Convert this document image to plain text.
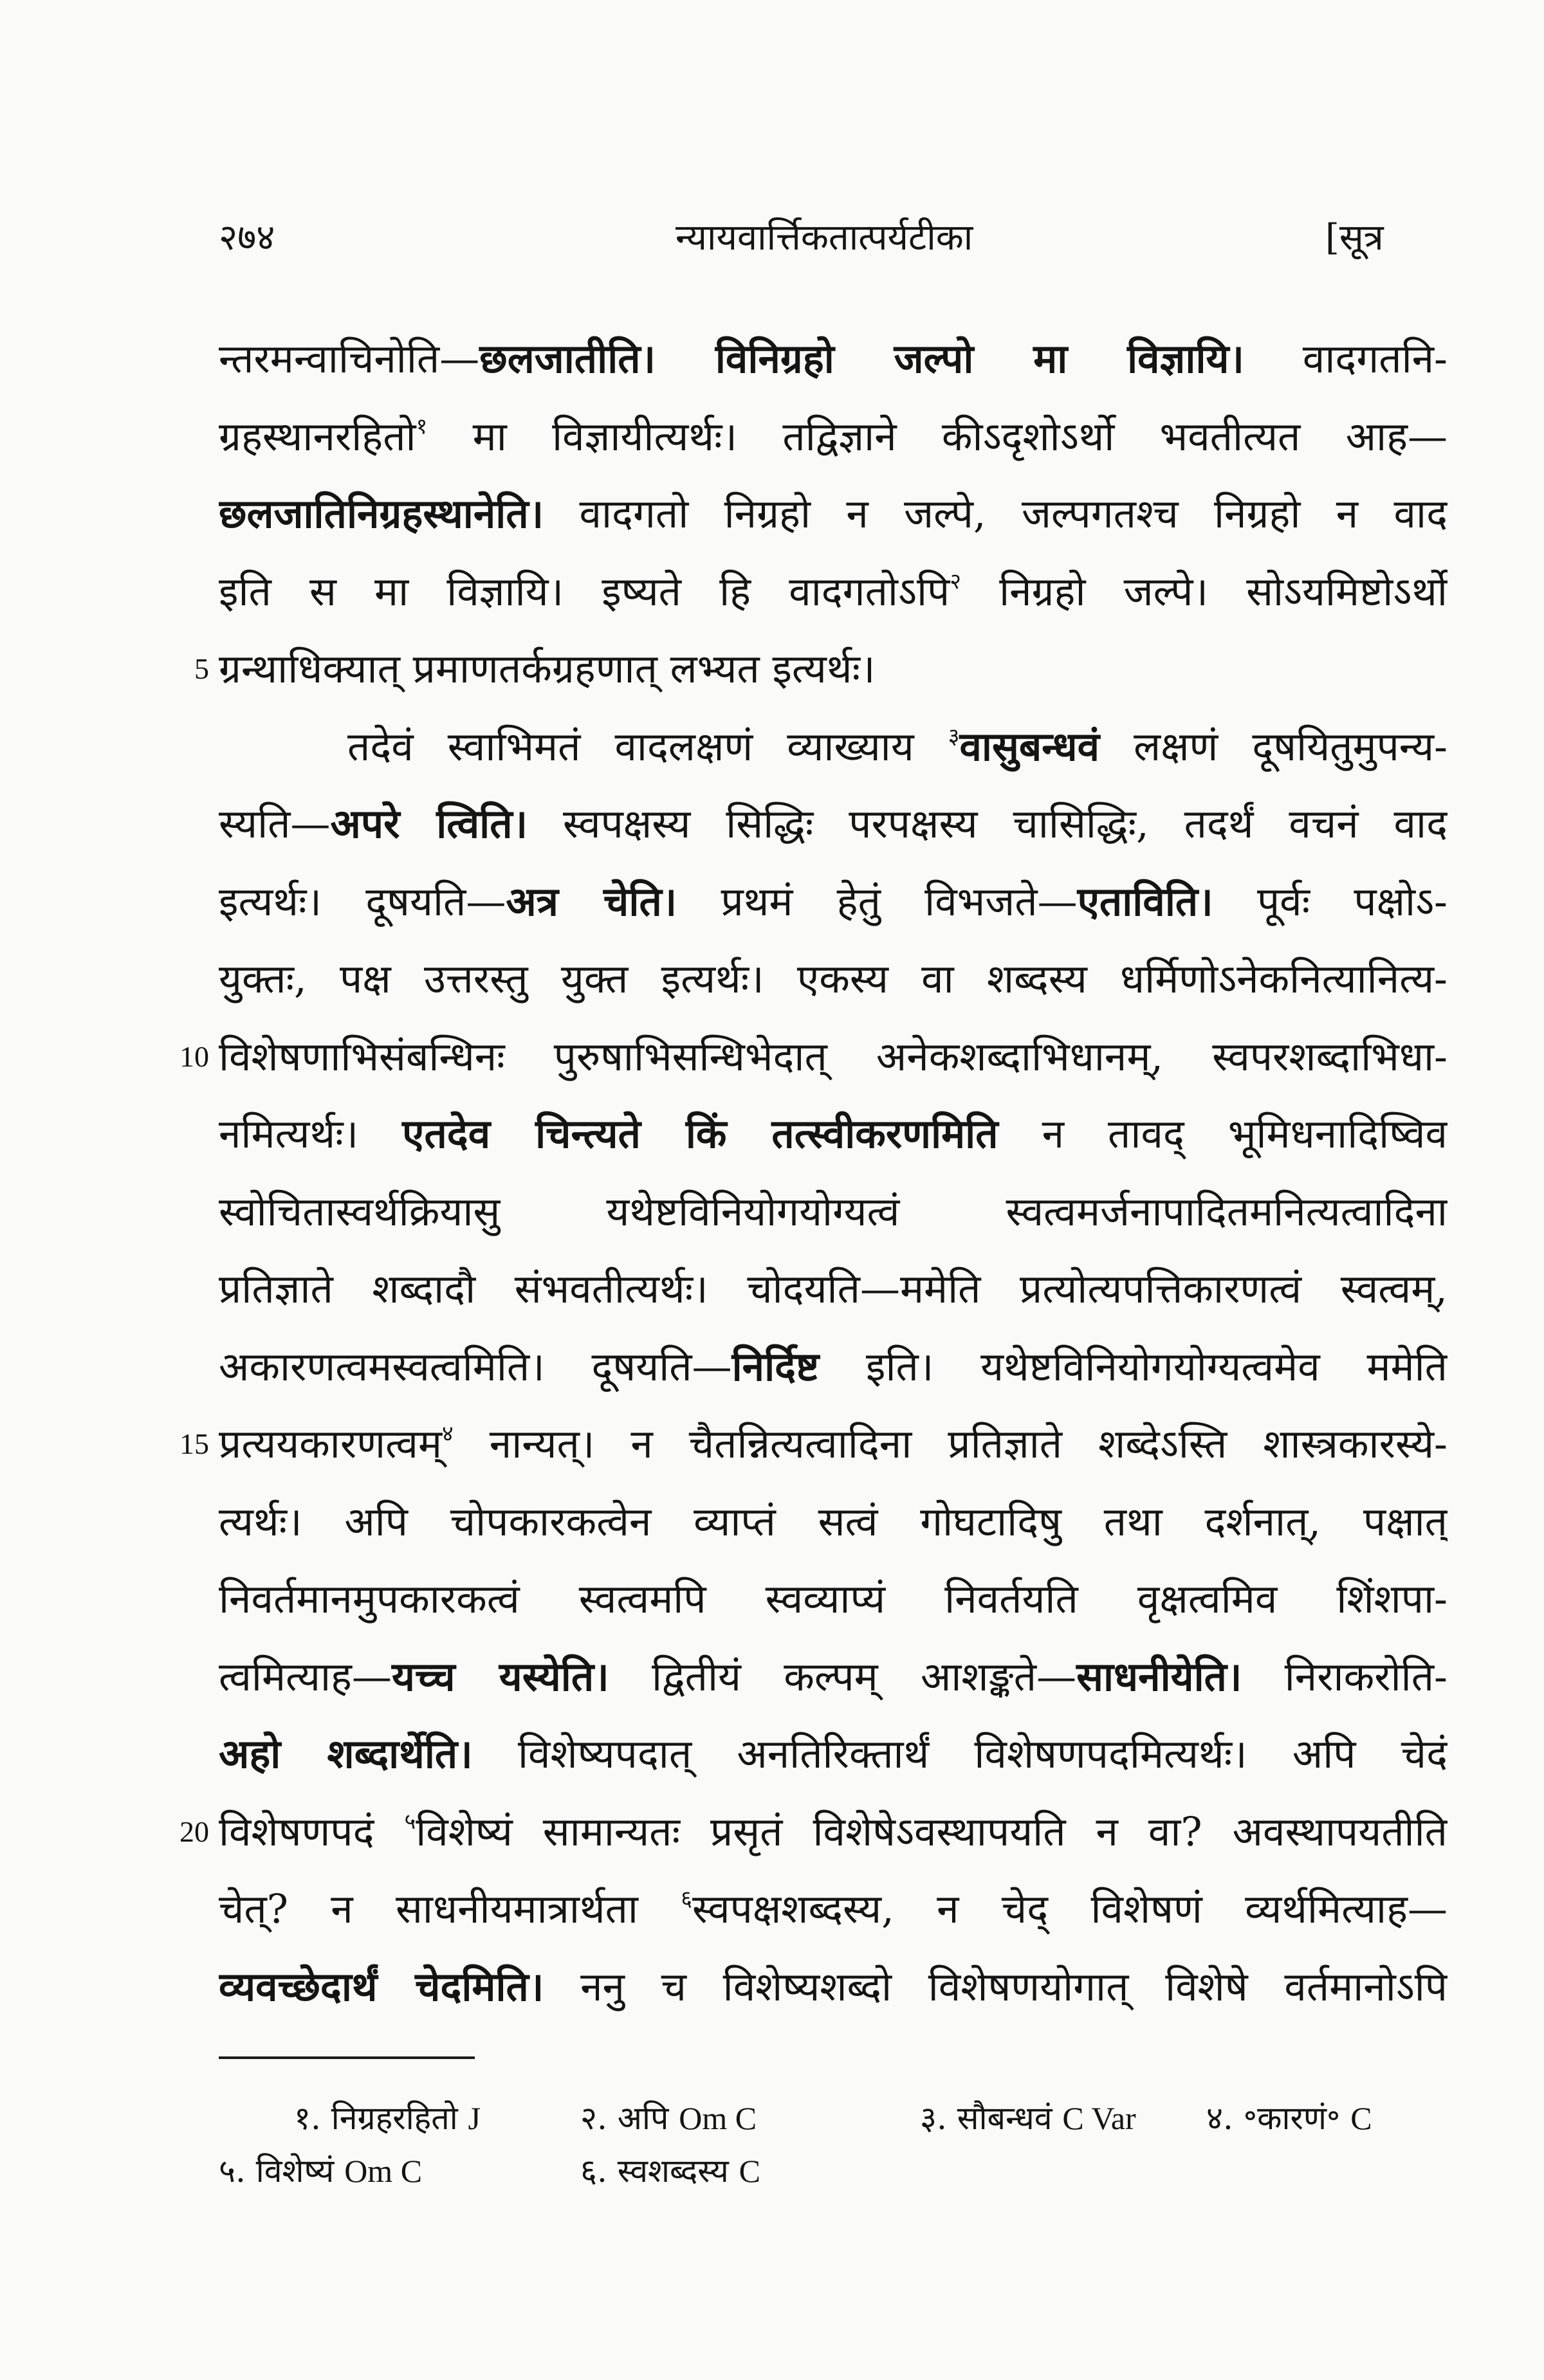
२७४	न्यायवार्त्तिकतात्पर्यटीका	[सूत्र
न्तरमन्वाचिनोति—छलजातीति। विनिग्रहो जल्पो मा विज्ञायि। वादगतनि-
ग्रहस्थानरहितो$^१$ मा विज्ञायीत्यर्थः। तद्विज्ञाने कीऽदृशोऽर्थो भवतीत्यत आह—
छलजातिनिग्रहस्थानेति। वादगतो निग्रहो न जल्पे, जल्पगतश्च निग्रहो न वाद
इति स मा विज्ञायि। इष्यते हि वादगतोऽपि$^२$ निग्रहो जल्पे। सोऽयमिष्टोऽर्थो
5 ग्रन्थाधिक्यात् प्रमाणतर्कग्रहणात् लभ्यत इत्यर्थः।
तदेवं स्वाभिमतं वादलक्षणं व्याख्याय $^३$वासुबन्धवं लक्षणं दूषयितुमुपन्य-
स्यति—अपरे त्विति। स्वपक्षस्य सिद्धिः परपक्षस्य चासिद्धिः, तदर्थं वचनं वाद
इत्यर्थः। दूषयति—अत्र चेति। प्रथमं हेतुं विभजते—एताविति। पूर्वः पक्षोऽ-
युक्तः, पक्ष उत्तरस्तु युक्त इत्यर्थः। एकस्य वा शब्दस्य धर्मिणोऽनेकनित्यानित्य-
10 विशेषणाभिसंबन्धिनः पुरुषाभिसन्धिभेदात् अनेकशब्दाभिधानम्, स्वपरशब्दाभिधा-
नमित्यर्थः। एतदेव चिन्त्यते किं तत्स्वीकरणमिति न तावद् भूमिधनादिष्विव
स्वोचितास्वर्थक्रियासु यथेष्टविनियोगयोग्यत्वं स्वत्वमर्जनापादितमनित्यत्वादिना
प्रतिज्ञाते शब्दादौ संभवतीत्यर्थः। चोदयति—ममेति प्रत्योत्यपत्तिकारणत्वं स्वत्वम्,
अकारणत्वमस्वत्वमिति। दूषयति—निर्दिष्ट इति। यथेष्टविनियोगयोग्यत्वमेव ममेति
15 प्रत्ययकारणत्वम्$^४$ नान्यत्। न चैतन्नित्यत्वादिना प्रतिज्ञाते शब्देऽस्ति शास्त्रकारस्ये-
त्यर्थः। अपि चोपकारकत्वेन व्याप्तं सत्वं गोघटादिषु तथा दर्शनात्, पक्षात्
निवर्तमानमुपकारकत्वं स्वत्वमपि स्वव्याप्यं निवर्तयति वृक्षत्वमिव शिंशपा-
त्वमित्याह—यच्च यस्येति। द्वितीयं कल्पम् आशङ्कते—साधनीयेति। निराकरोति-
अहो शब्दार्थेति। विशेष्यपदात् अनतिरिक्तार्थं विशेषणपदमित्यर्थः। अपि चेदं
20 विशेषणपदं $^५$विशेष्यं सामान्यतः प्रसृतं विशेषेऽवस्थापयति न वा? अवस्थापयतीति
चेत्? न साधनीयमात्रार्थता $^६$स्वपक्षशब्दस्य, न चेद् विशेषणं व्यर्थमित्याह—
व्यवच्छेदार्थं चेदमिति। ननु च विशेष्यशब्दो विशेषणयोगात् विशेषे वर्तमानोऽपि
१. निग्रहरहितो J	२. अपि Om C	३. सौबन्धवं C Var ४. ॰कारणं॰ C
५. विशेष्यं Om C	६. स्वशब्दस्य C
